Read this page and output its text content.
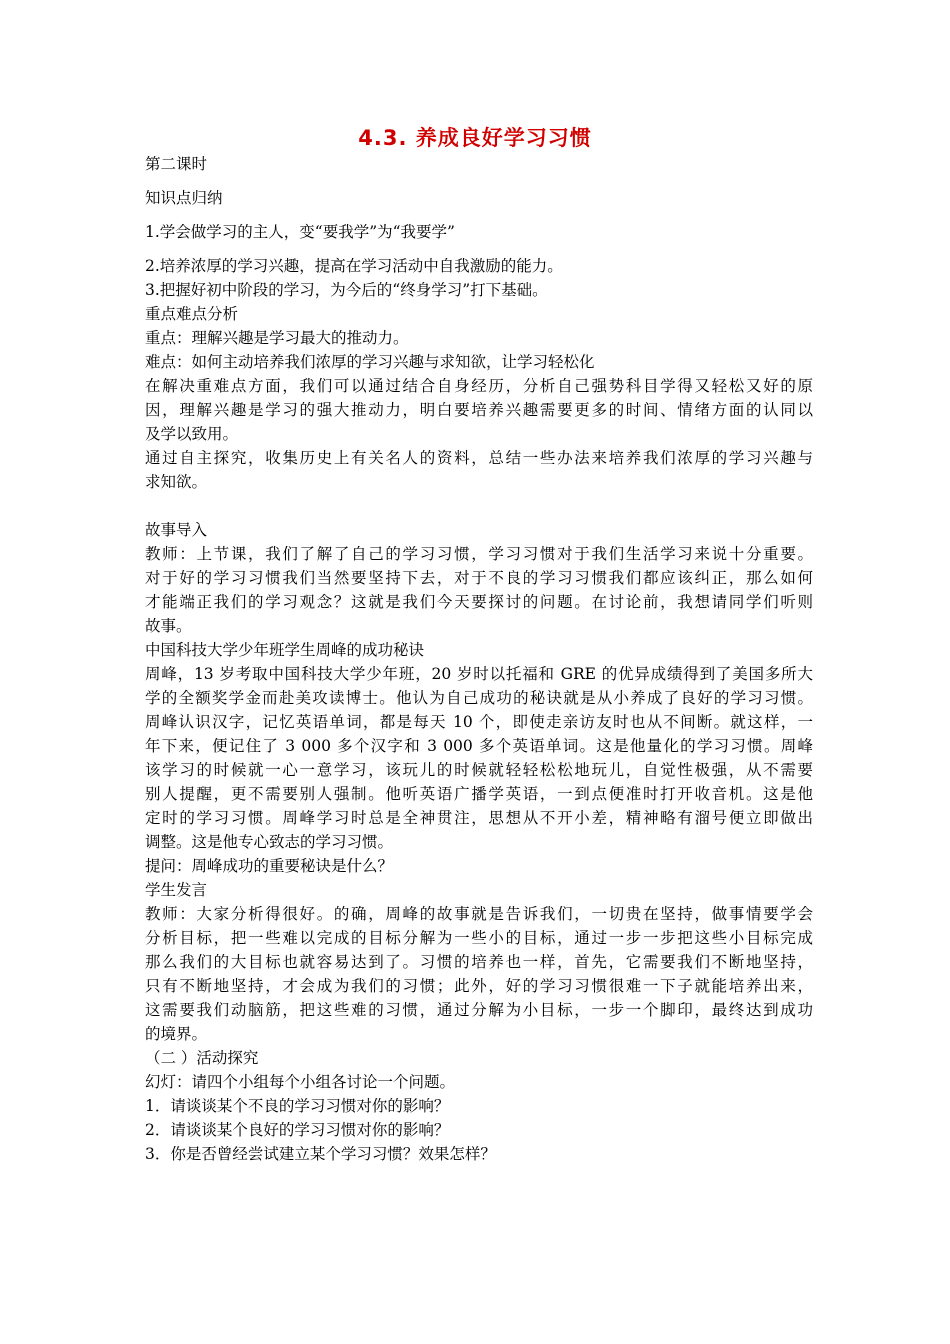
4.3. 养成良好学习习惯
第二课时
知识点归纳
1.学会做学习的主人，变“要我学”为“我要学”
2.培养浓厚的学习兴趣，提高在学习活动中自我激励的能力。
3.把握好初中阶段的学习，为今后的“终身学习”打下基础。
重点难点分析
重点：理解兴趣是学习最大的推动力。
难点：如何主动培养我们浓厚的学习兴趣与求知欲，让学习轻松化
在解决重难点方面，我们可以通过结合自身经历，分析自己强势科目学得又轻松又好的原
因，理解兴趣是学习的强大推动力，明白要培养兴趣需要更多的时间、情绪方面的认同以
及学以致用。
通过自主探究，收集历史上有关名人的资料，总结一些办法来培养我们浓厚的学习兴趣与
求知欲。
故事导入
教师：上节课，我们了解了自己的学习习惯，学习习惯对于我们生活学习来说十分重要。
对于好的学习习惯我们当然要坚持下去，对于不良的学习习惯我们都应该纠正，那么如何
才能端正我们的学习观念？这就是我们今天要探讨的问题。在讨论前，我想请同学们听则
故事。
中国科技大学少年班学生周峰的成功秘诀
周峰，13 岁考取中国科技大学少年班，20 岁时以托福和 GRE 的优异成绩得到了美国多所大
学的全额奖学金而赴美攻读博士。他认为自己成功的秘诀就是从小养成了良好的学习习惯。
周峰认识汉字，记忆英语单词，都是每天 10 个，即使走亲访友时也从不间断。就这样，一
年下来，便记住了 3 000 多个汉字和 3 000 多个英语单词。这是他量化的学习习惯。周峰
该学习的时候就一心一意学习，该玩儿的时候就轻轻松松地玩儿，自觉性极强，从不需要
别人提醒，更不需要别人强制。他听英语广播学英语，一到点便准时打开收音机。这是他
定时的学习习惯。周峰学习时总是全神贯注，思想从不开小差，精神略有溜号便立即做出
调整。这是他专心致志的学习习惯。
提问：周峰成功的重要秘诀是什么？
学生发言
教师：大家分析得很好。的确，周峰的故事就是告诉我们，一切贵在坚持，做事情要学会
分析目标，把一些难以完成的目标分解为一些小的目标，通过一步一步把这些小目标完成
那么我们的大目标也就容易达到了。习惯的培养也一样，首先，它需要我们不断地坚持，
只有不断地坚持，才会成为我们的习惯；此外，好的学习习惯很难一下子就能培养出来，
这需要我们动脑筋，把这些难的习惯，通过分解为小目标，一步一个脚印，最终达到成功
的境界。
（二 ）活动探究
幻灯：请四个小组每个小组各讨论一个问题。
1．请谈谈某个不良的学习习惯对你的影响？
2．请谈谈某个良好的学习习惯对你的影响？
3．你是否曾经尝试建立某个学习习惯？效果怎样？
